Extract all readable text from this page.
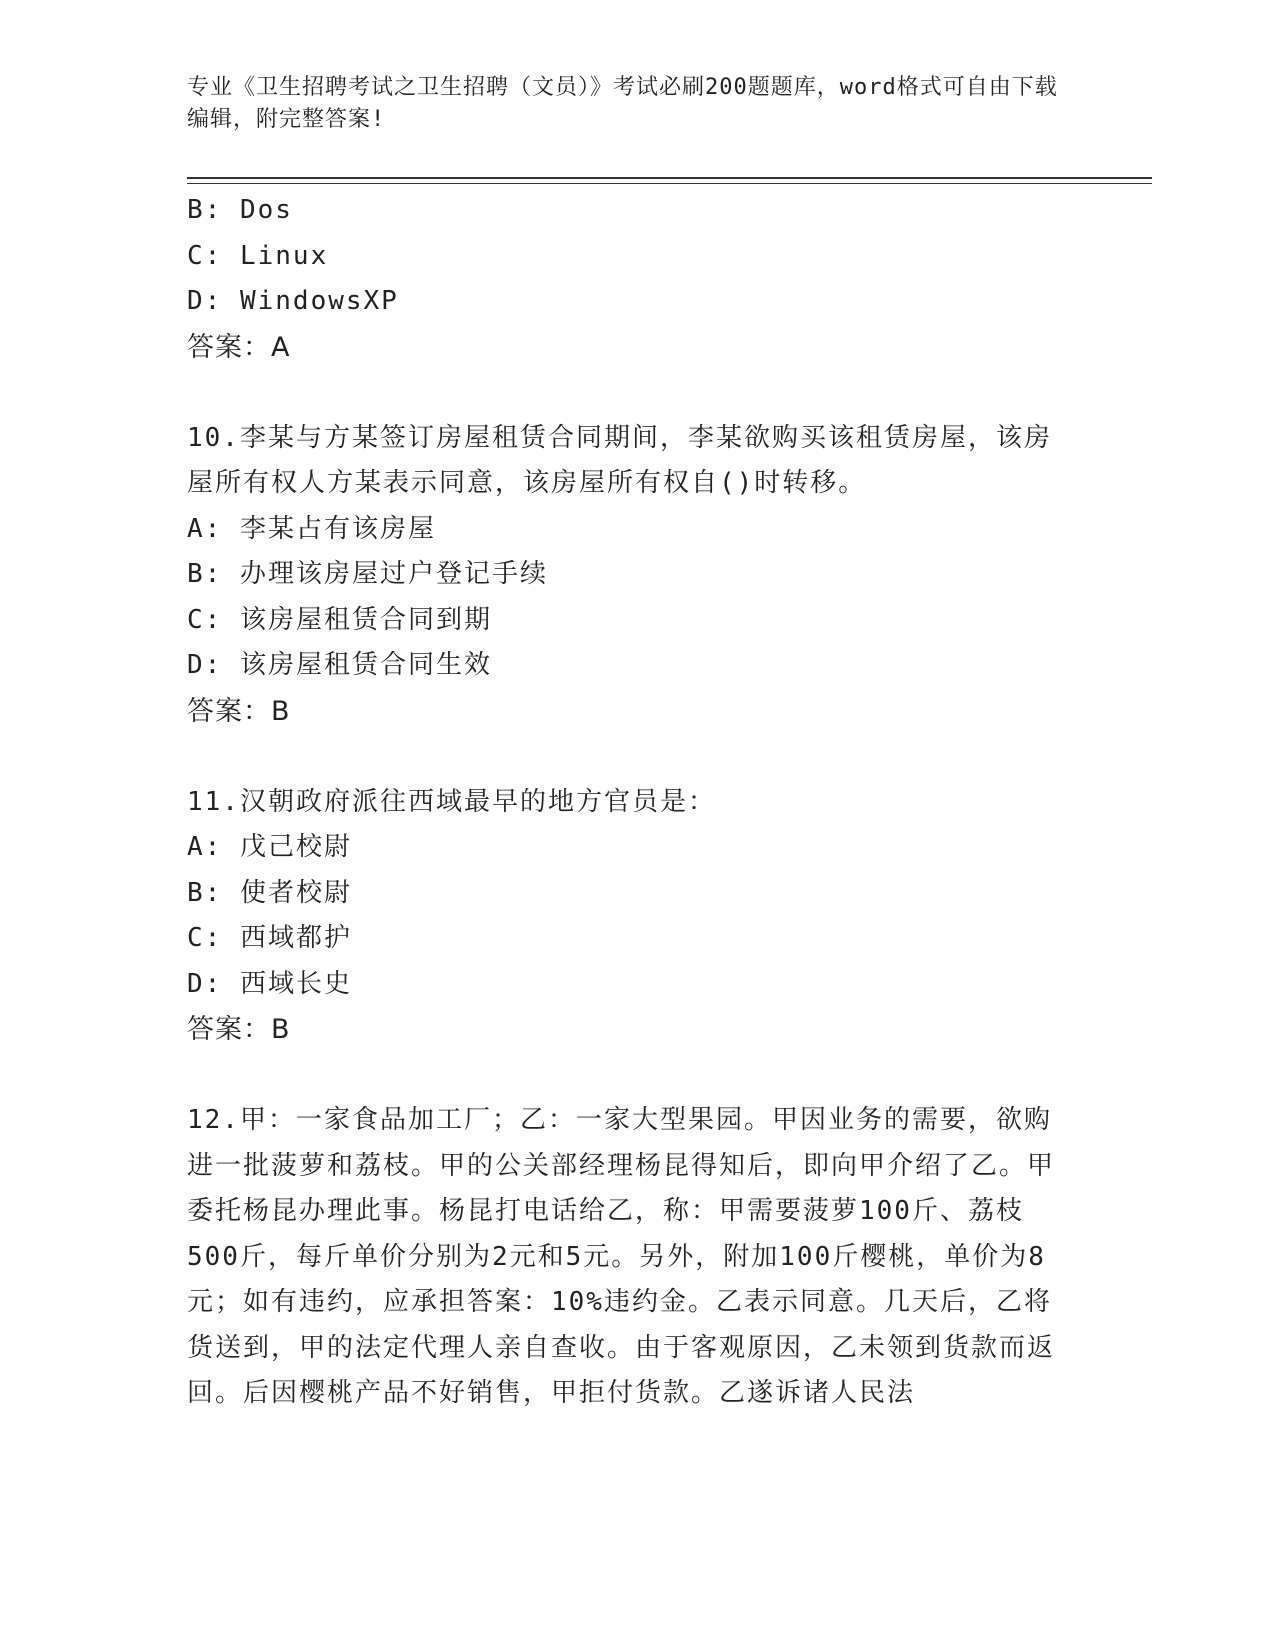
专业《卫生招聘考试之卫生招聘（文员）》考试必刷200题题库，word格式可自由下载编辑，附完整答案!
B: Dos
C: Linux
D: WindowsXP
答案：A
10.李某与方某签订房屋租赁合同期间，李某欲购买该租赁房屋，该房屋所有权人方某表示同意，该房屋所有权自()时转移。
A: 李某占有该房屋
B: 办理该房屋过户登记手续
C: 该房屋租赁合同到期
D: 该房屋租赁合同生效
答案：B
11.汉朝政府派往西域最早的地方官员是：
A: 戊己校尉
B: 使者校尉
C: 西域都护
D: 西域长史
答案：B
12.甲：一家食品加工厂；乙：一家大型果园。甲因业务的需要，欲购进一批菠萝和荔枝。甲的公关部经理杨昆得知后，即向甲介绍了乙。甲委托杨昆办理此事。杨昆打电话给乙，称：甲需要菠萝100斤、荔枝500斤，每斤单价分别为2元和5元。另外，附加100斤樱桃，单价为8元；如有违约，应承担答案：10%违约金。乙表示同意。几天后，乙将货送到，甲的法定代理人亲自查收。由于客观原因，乙未领到货款而返回。后因樱桃产品不好销售，甲拒付货款。乙遂诉诸人民法
